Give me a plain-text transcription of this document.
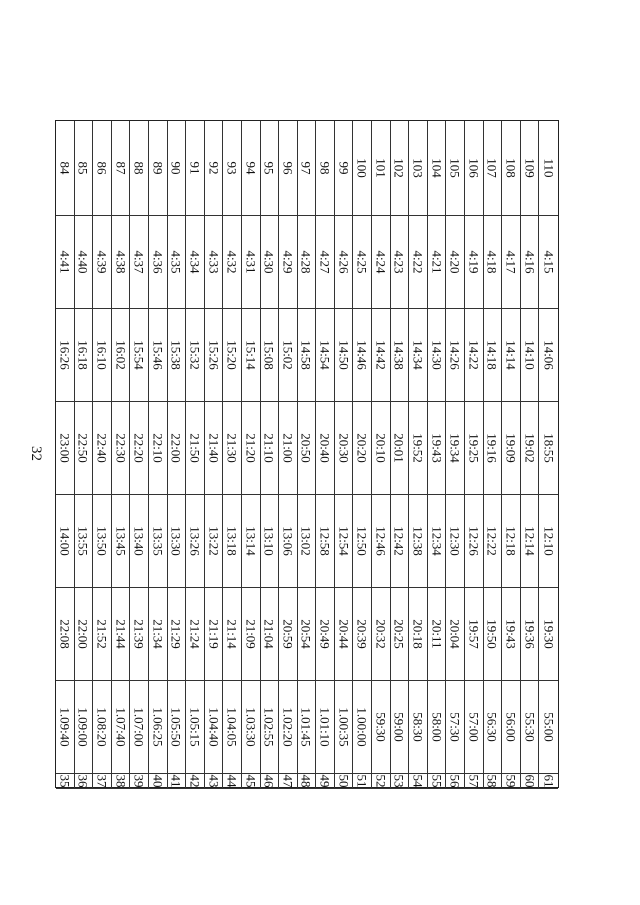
32
84 85 86 87 88 89 90 91 92 93 94 95 96 97 98 99 100 101 102 103 104 105 106 107 108 109 110
4:41 4:40 4:39 4:38 4:37 4:36 4:35 4:34 4:33 4:32 4:31 4:30 4:29 4:28 4:27 4:26 4:25 4:24 4:23 4:22 4:21 4:20 4:19 4:18 4:17 4:16 4:15
16:26 16:18 16:10 16:02 15:54 15:46 15:38 15:32 15:26 15:20 15:14 15:08 15:02 14:58 14:54 14:50 14:46 14:42 14:38 14:34 14:30 14:26 14:22 14:18 14:14 14:10 14:06
23:00 22:50 22:40 22:30 22:20 22:10 22:00 21:50 21:40 21:30 21:20 21:10 21:00 20:50 20:40 20:30 20:20 20:10 20:01 19:52 19:43 19:34 19:25 19:16 19:09 19:02 18:55
14:00 13:55 13:50 13:45 13:40 13:35 13:30 13:26 13:22 13:18 13:14 13:10 13:06 13:02 12:58 12:54 12:50 12:46 12:42 12:38 12:34 12:30 12:26 12:22 12:18 12:14 12:10
22:08 22:00 21:52 21:44 21:39 21:34 21:29 21:24 21:19 21:14 21:09 21:04 20:59 20:54 20:49 20:44 20:39 20:32 20:25 20:18 20:11 20:04 19:57 19:50 19:43 19:36 19:30
1.09:40 1.09:00 1.08:20 1.07:40 1.07:00 1.06:25 1.05:50 1.05:15 1.04:40 1.04:05 1.03:30 1.02:55 1.02:20 1.01:45 1.01:10 1.00:35 1.00:00 59:30 59:00 58:30 58:00 57:30 57:00 56:30 56:00 55:30 55:00
35 36 37 38 39 40 41 42 43 44 45 46 47 48 49 50 51 52 53 54 55 56 57 58 59 60 61
